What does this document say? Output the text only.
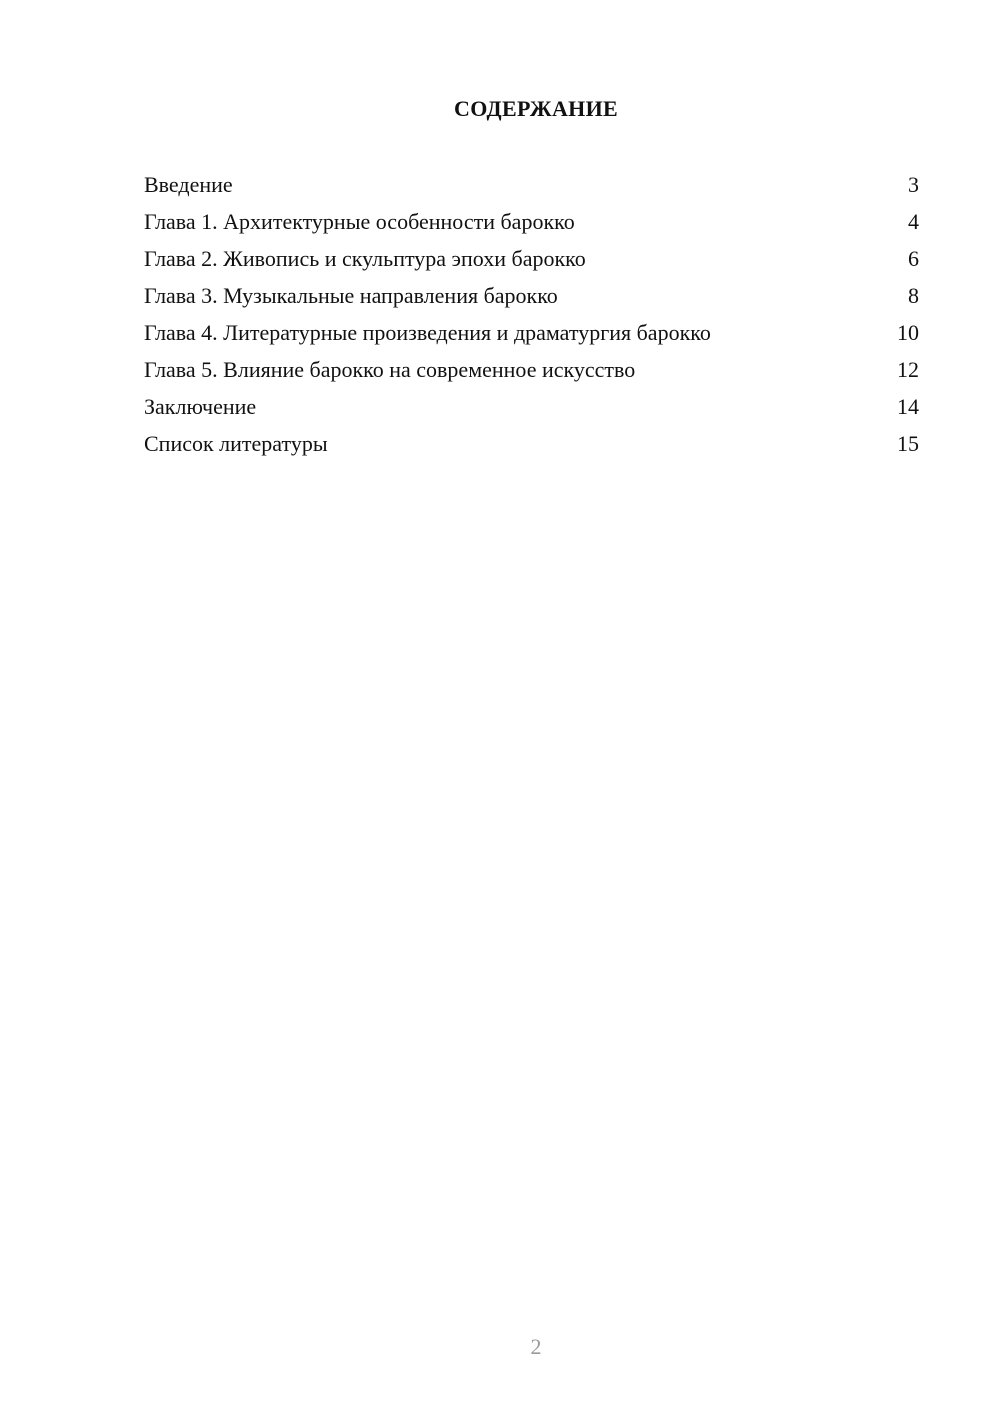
СОДЕРЖАНИЕ
Введение	3
Глава 1. Архитектурные особенности барокко	4
Глава 2. Живопись и скульптура эпохи барокко	6
Глава 3. Музыкальные направления барокко	8
Глава 4. Литературные произведения и драматургия барокко	10
Глава 5. Влияние барокко на современное искусство	12
Заключение	14
Список литературы	15
2
